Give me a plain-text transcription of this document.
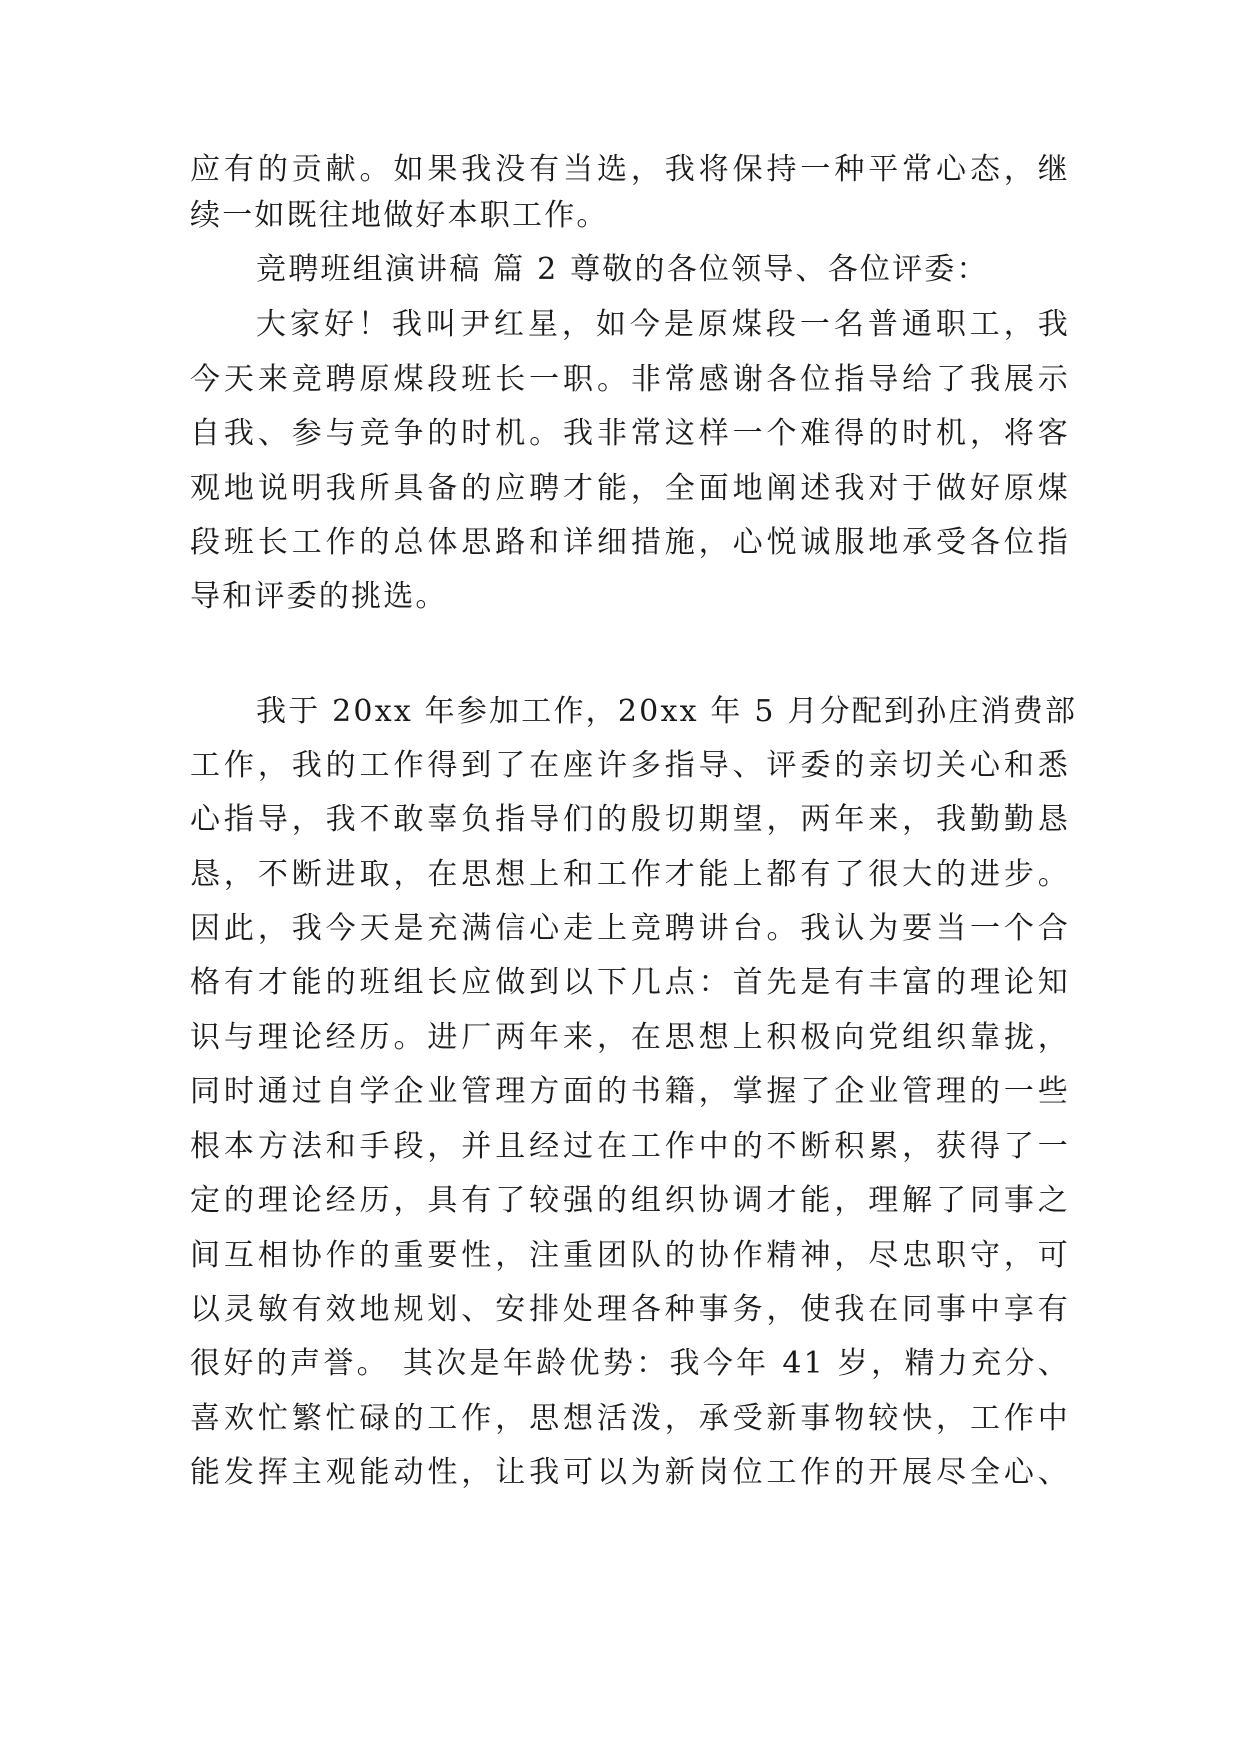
应有的贡献。如果我没有当选，我将保持一种平常心态，继
续一如既往地做好本职工作。
竞聘班组演讲稿 篇 2 尊敬的各位领导、各位评委：
大家好！我叫尹红星，如今是原煤段一名普通职工，我
今天来竞聘原煤段班长一职。非常感谢各位指导给了我展示
自我、参与竞争的时机。我非常这样一个难得的时机，将客
观地说明我所具备的应聘才能，全面地阐述我对于做好原煤
段班长工作的总体思路和详细措施，心悦诚服地承受各位指
导和评委的挑选。
我于 20xx 年参加工作，20xx 年 5 月分配到孙庄消费部
工作，我的工作得到了在座许多指导、评委的亲切关心和悉
心指导，我不敢辜负指导们的殷切期望，两年来，我勤勤恳
恳，不断进取，在思想上和工作才能上都有了很大的进步。
因此，我今天是充满信心走上竞聘讲台。我认为要当一个合
格有才能的班组长应做到以下几点：首先是有丰富的理论知
识与理论经历。进厂两年来，在思想上积极向党组织靠拢，
同时通过自学企业管理方面的书籍，掌握了企业管理的一些
根本方法和手段，并且经过在工作中的不断积累，获得了一
定的理论经历，具有了较强的组织协调才能，理解了同事之
间互相协作的重要性，注重团队的协作精神，尽忠职守，可
以灵敏有效地规划、安排处理各种事务，使我在同事中享有
很好的声誉。 其次是年龄优势：我今年 41 岁，精力充分、
喜欢忙繁忙碌的工作，思想活泼，承受新事物较快，工作中
能发挥主观能动性，让我可以为新岗位工作的开展尽全心、
